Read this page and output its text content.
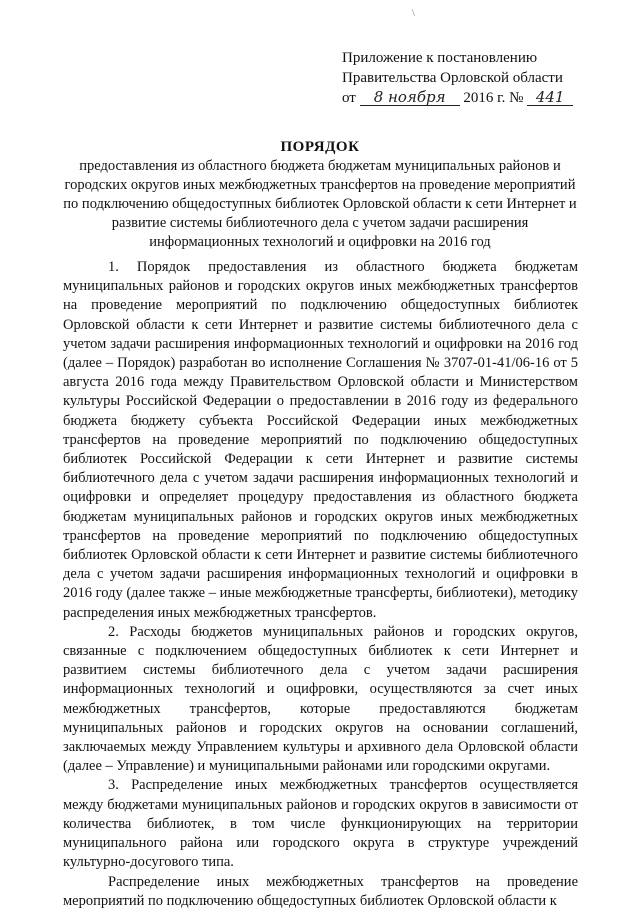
\
Приложение к постановлению
Правительства Орловской области
от 8 ноября 2016 г. № 441
ПОРЯДОК
предоставления из областного бюджета бюджетам муниципальных районов и городских округов иных межбюджетных трансфертов на проведение мероприятий по подключению общедоступных библиотек Орловской области к сети Интернет и развитие системы библиотечного дела с учетом задачи расширения информационных технологий и оцифровки на 2016 год

1. Порядок предоставления из областного бюджета бюджетам муниципальных районов и городских округов иных межбюджетных трансфертов на проведение мероприятий по подключению общедоступных библиотек Орловской области к сети Интернет и развитие системы библиотечного дела с учетом задачи расширения информационных технологий и оцифровки на 2016 год (далее – Порядок) разработан во исполнение Соглашения № 3707-01-41/06-16 от 5 августа 2016 года между Правительством Орловской области и Министерством культуры Российской Федерации о предоставлении в 2016 году из федерального бюджета бюджету субъекта Российской Федерации иных межбюджетных трансфертов на проведение мероприятий по подключению общедоступных библиотек Российской Федерации к сети Интернет и развитие системы библиотечного дела с учетом задачи расширения информационных технологий и оцифровки и определяет процедуру предоставления из областного бюджета бюджетам муниципальных районов и городских округов иных межбюджетных трансфертов на проведение мероприятий по подключению общедоступных библиотек Орловской области к сети Интернет и развитие системы библиотечного дела с учетом задачи расширения информационных технологий и оцифровки в 2016 году (далее также – иные межбюджетные трансферты, библиотеки), методику распределения иных межбюджетных трансфертов.

2. Расходы бюджетов муниципальных районов и городских округов, связанные с подключением общедоступных библиотек к сети Интернет и развитием системы библиотечного дела с учетом задачи расширения информационных технологий и оцифровки, осуществляются за счет иных межбюджетных трансфертов, которые предоставляются бюджетам муниципальных районов и городских округов на основании соглашений, заключаемых между Управлением культуры и архивного дела Орловской области (далее – Управление) и муниципальными районами или городскими округами.

3. Распределение иных межбюджетных трансфертов осуществляется между бюджетами муниципальных районов и городских округов в зависимости от количества библиотек, в том числе функционирующих на территории муниципального района или городского округа в структуре учреждений культурно-досугового типа.

Распределение иных межбюджетных трансфертов на проведение мероприятий по подключению общедоступных библиотек Орловской области к
